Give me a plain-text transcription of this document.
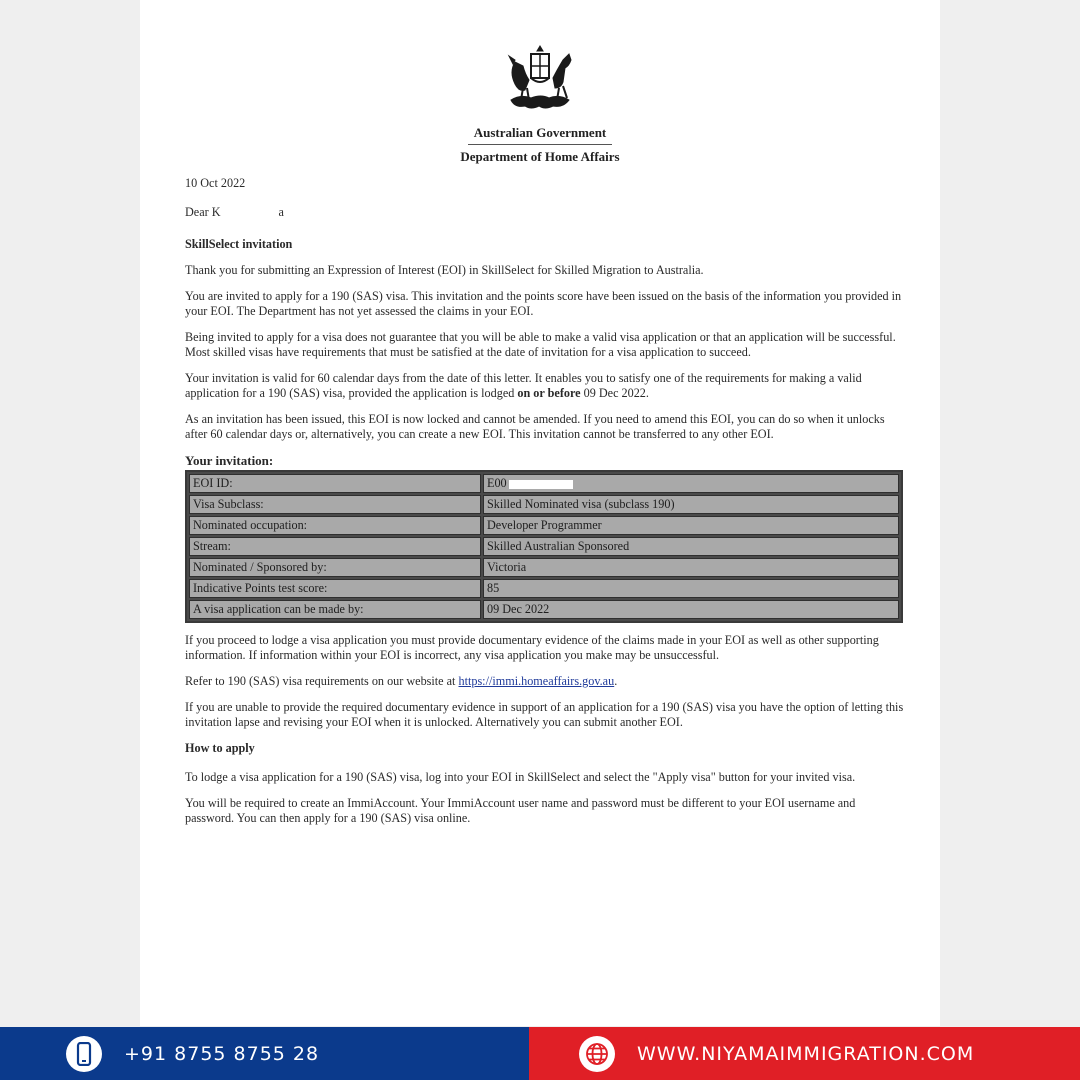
Australian Government
Department of Home Affairs

10 Oct 2022

Dear K	a

SkillSelect invitation

Thank you for submitting an Expression of Interest (EOI) in SkillSelect for Skilled Migration to Australia.

You are invited to apply for a 190 (SAS) visa. This invitation and the points score have been issued on the basis of the information you provided in your EOI. The Department has not yet assessed the claims in your EOI.

Being invited to apply for a visa does not guarantee that you will be able to make a valid visa application or that an application will be successful. Most skilled visas have requirements that must be satisfied at the date of invitation for a visa application to succeed.

Your invitation is valid for 60 calendar days from the date of this letter. It enables you to satisfy one of the requirements for making a valid application for a 190 (SAS) visa, provided the application is lodged on or before 09 Dec 2022.

As an invitation has been issued, this EOI is now locked and cannot be amended. If you need to amend this EOI, you can do so when it unlocks after 60 calendar days or, alternatively, you can create a new EOI. This invitation cannot be transferred to any other EOI.

Your invitation:
EOI ID:	E00
Visa Subclass:	Skilled Nominated visa (subclass 190)
Nominated occupation:	Developer Programmer
Stream:	Skilled Australian Sponsored
Nominated / Sponsored by:	Victoria
Indicative Points test score:	85
A visa application can be made by:	09 Dec 2022

If you proceed to lodge a visa application you must provide documentary evidence of the claims made in your EOI as well as other supporting information. If information within your EOI is incorrect, any visa application you make may be unsuccessful.

Refer to 190 (SAS) visa requirements on our website at https://immi.homeaffairs.gov.au.

If you are unable to provide the required documentary evidence in support of an application for a 190 (SAS) visa you have the option of letting this invitation lapse and revising your EOI when it is unlocked. Alternatively you can submit another EOI.

How to apply

To lodge a visa application for a 190 (SAS) visa, log into your EOI in SkillSelect and select the "Apply visa" button for your invited visa.

You will be required to create an ImmiAccount. Your ImmiAccount user name and password must be different to your EOI username and password. You can then apply for a 190 (SAS) visa online.

+91 8755 8755 28	WWW.NIYAMAIMMIGRATION.COM
